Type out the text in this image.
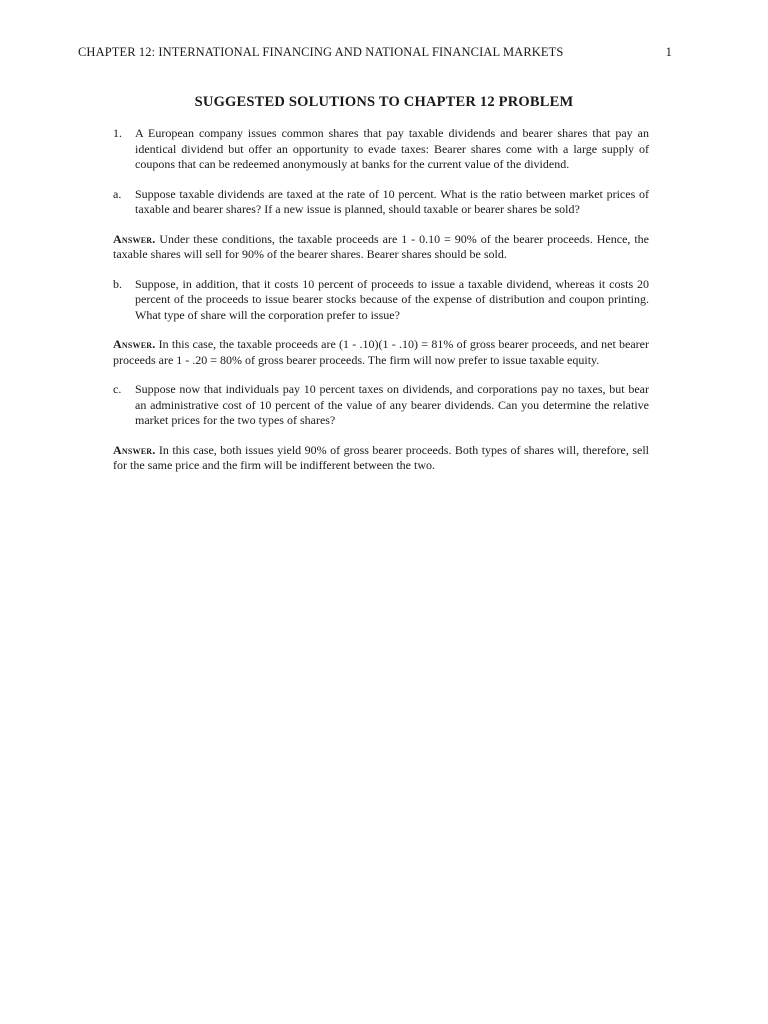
CHAPTER 12: INTERNATIONAL FINANCING AND NATIONAL FINANCIAL MARKETS	1
SUGGESTED SOLUTIONS TO CHAPTER 12 PROBLEM
1.	A European company issues common shares that pay taxable dividends and bearer shares that pay an identical dividend but offer an opportunity to evade taxes: Bearer shares come with a large supply of coupons that can be redeemed anonymously at banks for the current value of the dividend.
a.	Suppose taxable dividends are taxed at the rate of 10 percent. What is the ratio between market prices of taxable and bearer shares? If a new issue is planned, should taxable or bearer shares be sold?

Answer. Under these conditions, the taxable proceeds are 1 - 0.10 = 90% of the bearer proceeds. Hence, the taxable shares will sell for 90% of the bearer shares. Bearer shares should be sold.

b.	Suppose, in addition, that it costs 10 percent of proceeds to issue a taxable dividend, whereas it costs 20 percent of the proceeds to issue bearer stocks because of the expense of distribution and coupon printing. What type of share will the corporation prefer to issue?

Answer. In this case, the taxable proceeds are (1 - .10)(1 - .10) = 81% of gross bearer proceeds, and net bearer proceeds are 1 - .20 = 80% of gross bearer proceeds. The firm will now prefer to issue taxable equity.

c.	Suppose now that individuals pay 10 percent taxes on dividends, and corporations pay no taxes, but bear an administrative cost of 10 percent of the value of any bearer dividends. Can you determine the relative market prices for the two types of shares?

Answer. In this case, both issues yield 90% of gross bearer proceeds. Both types of shares will, therefore, sell for the same price and the firm will be indifferent between the two.
